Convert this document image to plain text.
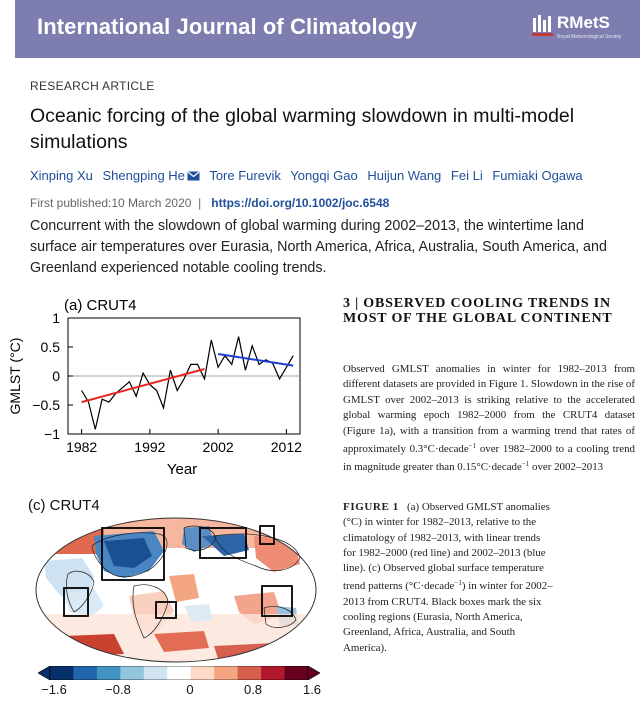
International Journal of Climatology	RMetS
Royal Meteorological Society
RESEARCH ARTICLE
Oceanic forcing of the global warming slowdown in multi-model simulations
Xinping Xu Shengping He Tore Furevik Yongqi Gao Huijun Wang Fei Li Fumiaki Ogawa
First published:10 March 2020  |   https://doi.org/10.1002/joc.6548
Concurrent with the slowdown of global warming during 2002–2013, the wintertime land surface air temperatures over Eurasia, North America, Africa, Australia, South America, and Greenland experienced notable cooling trends.
1982	1992	2002	2012
−1
−0.5
0
0.5
1
Year
GMLST (°C)
(a) CRUT4
(c) CRUT4
−1.6	−0.8	0	0.8	1.6
3 | OBSERVED COOLING TRENDS IN MOST OF THE GLOBAL CONTINENT
Observed GMLST anomalies in winter for 1982–2013 from different datasets are provided in Figure 1. Slowdown in the rise of GMLST over 2002–2013 is striking relative to the accelerated global warming epoch 1982–2000 from the CRUT4 dataset (Figure 1a), with a transition from a warming trend that rates of approximately 0.3°C·decade$^{-1}$ over 1982–2000 to a cooling trend in magnitude greater than 0.15°C·decade$^{-1}$ over 2002–2013
FIGURE 1 (a) Observed GMLST anomalies (°C) in winter for 1982–2013, relative to the climatology of 1982–2013, with linear trends for 1982–2000 (red line) and 2002–2013 (blue line). (c) Observed global surface temperature trend patterns (°C·decade$^{-1}$) in winter for 2002–2013 from CRUT4. Black boxes mark the six cooling regions (Eurasia, North America, Greenland, Africa, Australia, and South America).
